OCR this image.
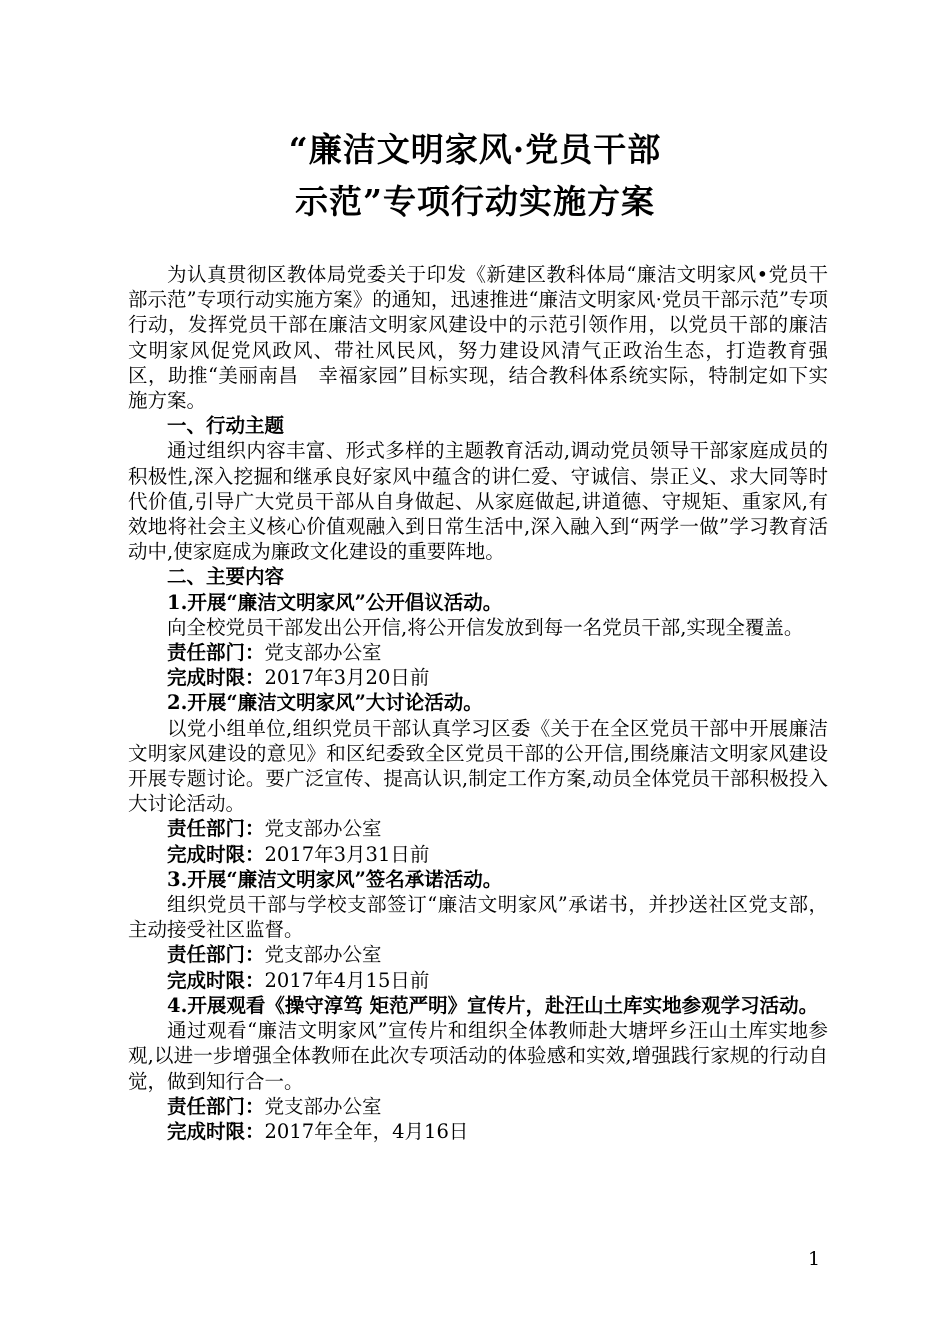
“廉洁文明家风·党员干部
示范”专项行动实施方案

为认真贯彻区教体局党委关于印发《新建区教科体局“廉洁文明家风•党员干部示范”专项行动实施方案》的通知，迅速推进“廉洁文明家风·党员干部示范”专项行动，发挥党员干部在廉洁文明家风建设中的示范引领作用，以党员干部的廉洁文明家风促党风政风、带社风民风，努力建设风清气正政治生态，打造教育强区，助推“美丽南昌　幸福家园”目标实现，结合教科体系统实际，特制定如下实施方案。

一、行动主题

通过组织内容丰富、形式多样的主题教育活动,调动党员领导干部家庭成员的积极性,深入挖掘和继承良好家风中蕴含的讲仁爱、守诚信、崇正义、求大同等时代价值,引导广大党员干部从自身做起、从家庭做起,讲道德、守规矩、重家风,有效地将社会主义核心价值观融入到日常生活中,深入融入到“两学一做”学习教育活动中,使家庭成为廉政文化建设的重要阵地。

二、主要内容

1.开展“廉洁文明家风”公开倡议活动。

向全校党员干部发出公开信,将公开信发放到每一名党员干部,实现全覆盖。

责任部门：党支部办公室

完成时限：2017年3月20日前

2.开展“廉洁文明家风”大讨论活动。

以党小组单位,组织党员干部认真学习区委《关于在全区党员干部中开展廉洁文明家风建设的意见》和区纪委致全区党员干部的公开信,围绕廉洁文明家风建设开展专题讨论。要广泛宣传、提高认识,制定工作方案,动员全体党员干部积极投入大讨论活动。

责任部门：党支部办公室

完成时限：2017年3月31日前

3.开展“廉洁文明家风”签名承诺活动。

组织党员干部与学校支部签订“廉洁文明家风”承诺书，并抄送社区党支部，主动接受社区监督。

责任部门：党支部办公室

完成时限：2017年4月15日前

4.开展观看《操守淳笃 矩范严明》宣传片，赴汪山土库实地参观学习活动。

通过观看“廉洁文明家风”宣传片和组织全体教师赴大塘坪乡汪山土库实地参观,以进一步增强全体教师在此次专项活动的体验感和实效,增强践行家规的行动自觉，做到知行合一。

责任部门：党支部办公室

完成时限：2017年全年，4月16日

1
